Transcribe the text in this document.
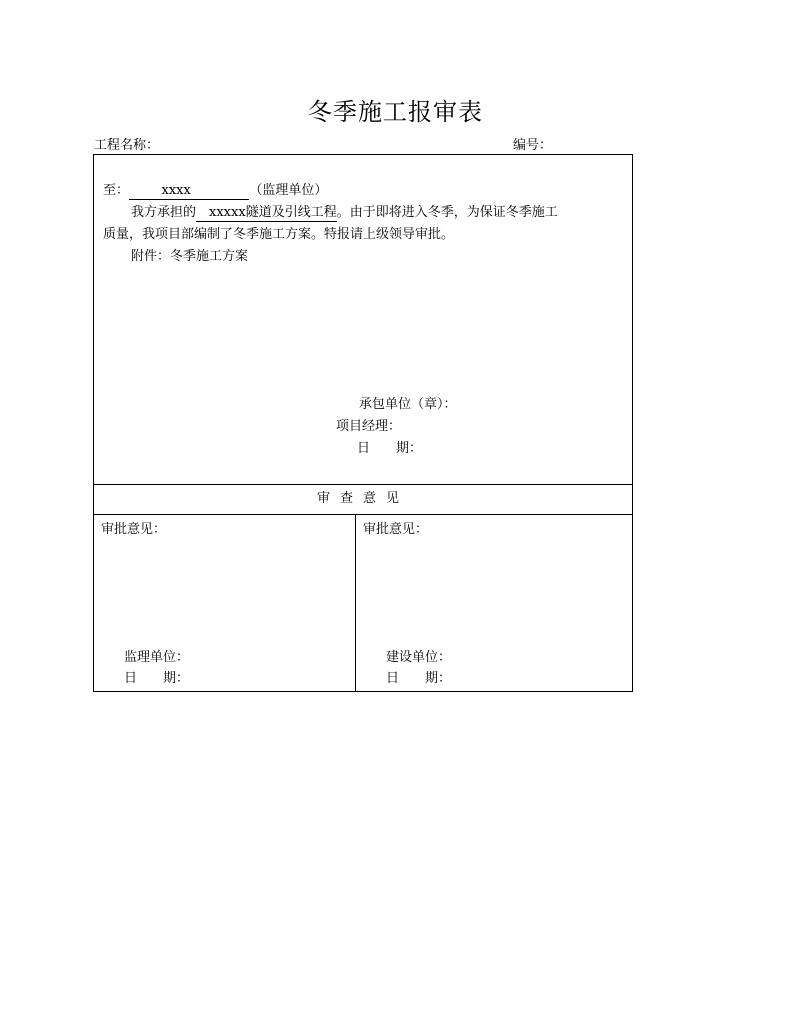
冬季施工报审表
工程名称：	编号：
至：	xxxx	（监理单位）
我方承担的 xxxxx隧道及引线工程。由于即将进入冬季，为保证冬季施工
质量，我项目部编制了冬季施工方案。特报请上级领导审批。
附件：冬季施工方案
承包单位（章）：
项目经理：
日　　期：
审查意见
审批意见：
监理单位：
日　　期：
审批意见：
建设单位：
日　　期：
